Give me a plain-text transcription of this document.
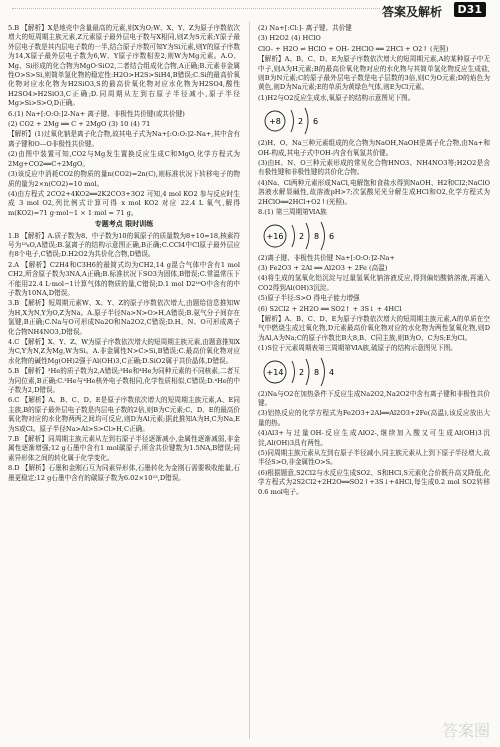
答案及解析	D31
5.B 【解析】X是地壳中含量最高的元素,则X为O;W、X、Y、Z为原子序数依次增大的短周期主族元素,Z元素原子最外层电子数与X相同,则Z为S元素;Y原子最外层电子数是其内层电子数的一半,结合原子序数可知Y为Si元素,则Y的原子序数为14,X原子最外层电子数为6,W、Y原子序数相差2,则W为Mg元素。A.O、Mg、Si形成的化合物为MgO·SiO2,二者结合组成化合物,A正确;B.元素非金属性O>S>Si,则简单氢化物的稳定性:H2O>H2S>SiH4,B错误;C.Si的最高价氧化物对应水化物为H2SiO3,S的最高价氧化物对应水化物为H2SO4,酸性H2SO4>H2SiO3,C正确;D.同周期从左到右原子半径减小,原子半径Mg>Si>S>O,D正确。
6.(1) Na+[:O:O:]2-Na+ 离子键、非极性共价键(或共价键)
(2) CO2 + 2Mg ══ C + 2MgO (3) 10 (4) 71
【解析】(1)过氧化钠是离子化合物,故其电子式为Na+[:O:O:]2-Na+,其中含有离子键和O—O非极性共价键。
(2)由图中装置可知,CO2与Mg发生置换反应生成C和MgO,化学方程式为2Mg+CO2══C+2MgO。
(3)该反应中消耗CO2的物质的量n(CO2)=2n(C),则标准状况下转移电子的物质的量为2×n(CO2)=10 mol。
(4)由方程式 2CO2+4KO2══2K2CO3+3O2 可知,4 mol KO2 参与反应时生成 3 mol O2,列比例式计算可得 x mol KO2 对应 22.4 L 氧气,解得 m(KO2)=71 g·mol−1 × 1 mol = 71 g。
专题考点 限时训练
1.B 【解析】A.质子数为8、中子数为10的氧原子的质量数为8+10=18,核素符号为¹⁸₈O,A错误;B.氯离子的结构示意图正确,B正确;C.CCl4中Cl原子最外层应有8个电子,C错误;D.H2O2为共价化合物,D错误。
2.A 【解析】C2H4和C3H6的最简式均为CH2,14 g混合气体中含有1 mol CH2,所含原子数为3NA,A正确;B.标准状况下SO3为固体,B错误;C.常温常压下不能用22.4 L·mol−1计算气体的物质的量,C错误;D.1 mol D2¹⁶O中含有的中子数为10NA,D错误。
3.B 【解析】短周期元素W、X、Y、Z的原子序数依次增大,由题给信息推知W为H,X为N,Y为O,Z为Na。A.原子半径Na>N>O>H,A错误;B.氨气分子间存在氢键,B正确;C.Na与O可形成Na2O和Na2O2,C错误;D.H、N、O可形成离子化合物NH4NO3,D错误。
4.C 【解析】X、Y、Z、W为原子序数依次增大的短周期主族元素,由题意推知X为C,Y为N,Z为Mg,W为Si。A.非金属性N>C>Si,B错误;C.最高价氧化物对应水化物的碱性Mg(OH)2强于Al(OH)3,C正确;D.SiO2属于共价晶体,D错误。
5.B 【解析】³He的质子数为2,A错误;³He和⁴He为同种元素的不同核素,二者互为同位素,B正确;C.³He与⁴He核外电子数相同,化学性质相似,C错误;D.⁴He的中子数为2,D错误。
6.C 【解析】A、B、C、D、E是原子序数依次增大的短周期主族元素,A、E同主族,B的原子最外层电子数是内层电子数的2倍,则B为C元素;C、D、E的最高价氧化物对应的水化物两两之间均可反应,则D为Al元素;据此推知A为H,C为Na,E为S或Cl。原子半径Na>Al>S>Cl>H,C正确。
7.B 【解析】同周期主族元素从左到右原子半径逐渐减小,金属性逐渐减弱,非金属性逐渐增强;12 g石墨中含有1 mol碳原子,所含共价键数为1.5NA,B错误;同素异形体之间的转化属于化学变化。
8.D 【解析】石墨和金刚石互为同素异形体,石墨转化为金刚石需要吸收能量,石墨更稳定;12 g石墨中含有的碳原子数为6.02×10²³,D错误。
(2) Na+[:Cl:]- 离子键、共价键
(3) H2O2 (4) HClO
ClO- + H2O ⇌ HClO + OH- 2HClO ══ 2HCl + O2↑ (光照)
【解析】A、B、C、D、E为原子序数依次增大的短周期元素,A的某种原子中无中子,则A为H元素;B的最高价氧化物对应的水化物与其简单氢化物反应生成盐,则B为N元素;C的原子最外层电子数是电子层数的3倍,则C为O元素;D的焰色为黄色,则D为Na元素;E的单质为黄绿色气体,则E为Cl元素。
(1)H2与O2反应生成水,氧原子的结构示意图见下图。
+8 2 6
(2)H、O、Na三种元素组成的化合物为NaOH,NaOH是离子化合物,由Na+和OH-构成,其电子式中OH-内含有氧氢共价键。
(3)由H、N、O三种元素形成的常见化合物HNO3、NH4NO3等;H2O2是含有极性键和非极性键的共价化合物。
(4)Na、Cl两种元素形成NaCl,电解饱和食盐水得到NaOH、H2和Cl2;NaClO溶液水解显碱性,故溶液pH>7;次氯酸见光分解生成HCl和O2,化学方程式为2HClO══2HCl+O2↑(光照)。
8.(1) 第三周期第ⅥA族
+16 2 8 6
(2)离子键、非极性共价键 Na+[:O:O:]2-Na+
(3) Fe2O3 + 2Al ══ Al2O3 + 2Fe (高温)
(4)将生成的氢氧化铝沉淀与过量氢氧化钠溶液反应,得到偏铝酸钠溶液,再通入CO2得到Al(OH)3沉淀。
(5)原子半径:S>O 得电子能力增强
(6) S2Cl2 + 2H2O ══ SO2↑ + 3S↓ + 4HCl
【解析】A、B、C、D、E为原子序数依次增大的短周期主族元素,A的单质在空气中燃烧生成过氧化物,D元素最高价氧化物对应的水化物为两性氢氧化物,则D为Al,A为Na;C的原子序数比B大8,B、C同主族,则B为O、C为S;E为Cl。
(1)S位于元素周期表第三周期第ⅥA族,硫原子的结构示意图见下图。
+14 2 8 4
(2)Na与O2在加热条件下反应生成Na2O2,Na2O2中含有离子键和非极性共价键。
(3)铝热反应的化学方程式为Fe2O3+2Al══Al2O3+2Fe(高温),该反应放出大量的热。
(4)Al3+与过量OH-反应生成AlO2-,继续加入酸又可生成Al(OH)3沉淀,Al(OH)3具有两性。
(5)同周期主族元素从左到右原子半径减小,同主族元素从上到下原子半径增大,故半径S>O,非金属性O>S。
(6)根据题意,S2Cl2与水反应生成SO2、S和HCl,S元素化合价既升高又降低,化学方程式为2S2Cl2+2H2O══SO2↑+3S↓+4HCl,每生成0.2 mol SO2转移0.6 mol电子。
答案圈
